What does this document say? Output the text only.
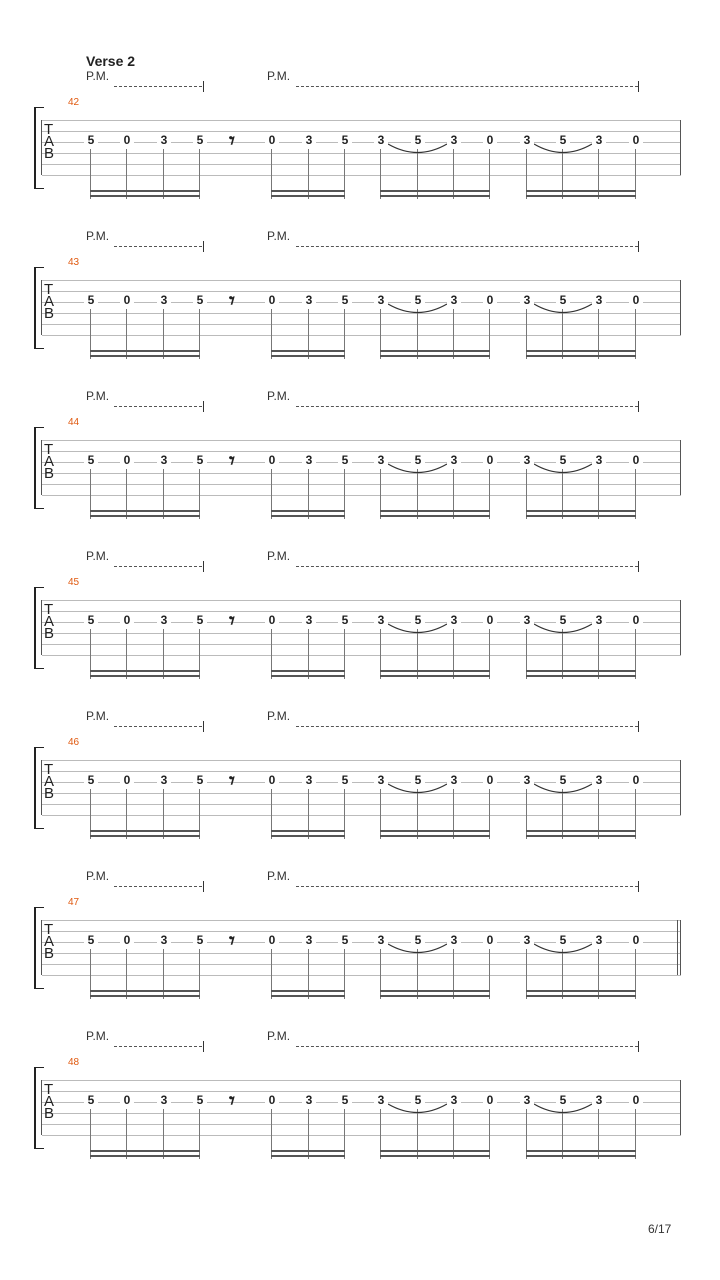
Verse 2
P.M.	P.M.
42
T
A
B
5	0	3	5	0	3	5	3	5	3	0	3	5	3	0
𝄾
P.M.	P.M.
43
T
A
B
5	0	3	5	0	3	5	3	5	3	0	3	5	3	0
𝄾
P.M.	P.M.
44
T
A
B
5	0	3	5	0	3	5	3	5	3	0	3	5	3	0
𝄾
P.M.	P.M.
45
T
A
B
5	0	3	5	0	3	5	3	5	3	0	3	5	3	0
𝄾
P.M.	P.M.
46
T
A
B
5	0	3	5	0	3	5	3	5	3	0	3	5	3	0
𝄾
P.M.	P.M.
47
T
A
B
5	0	3	5	0	3	5	3	5	3	0	3	5	3	0
𝄾
P.M.	P.M.
48
T
A
B
5	0	3	5	0	3	5	3	5	3	0	3	5	3	0
𝄾
6/17
